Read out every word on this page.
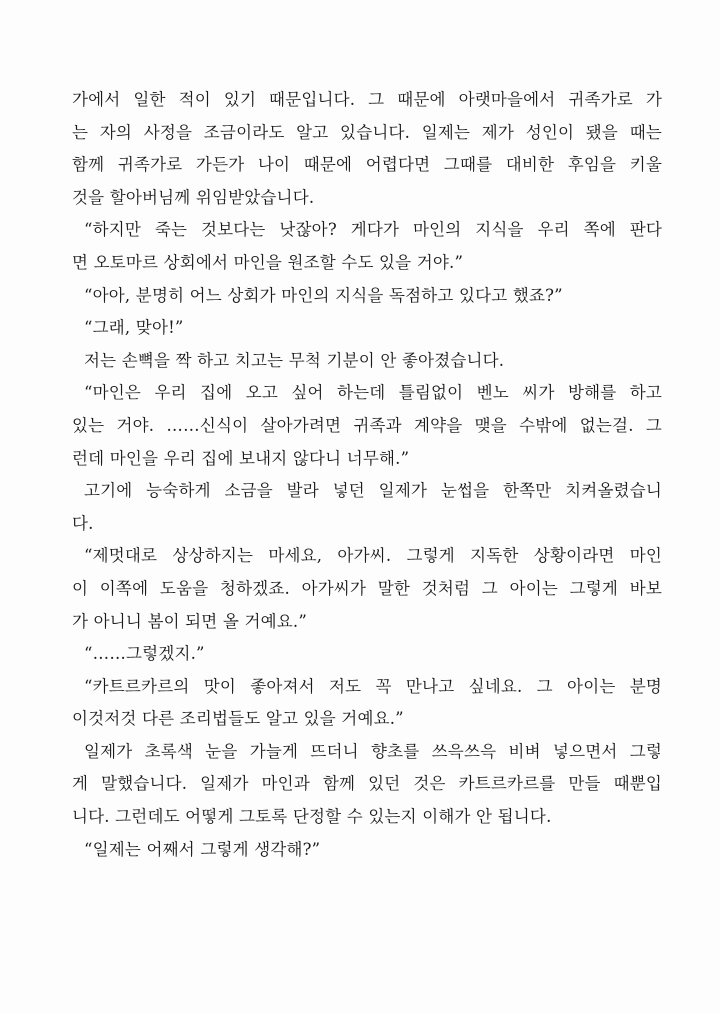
가에서 일한 적이 있기 때문입니다. 그 때문에 아랫마을에서 귀족가로 가
는 자의 사정을 조금이라도 알고 있습니다. 일제는 제가 성인이 됐을 때는
함께 귀족가로 가든가 나이 때문에 어렵다면 그때를 대비한 후임을 키울
것을 할아버님께 위임받았습니다.
“하지만 죽는 것보다는 낫잖아? 게다가 마인의 지식을 우리 쪽에 판다
면 오토마르 상회에서 마인을 원조할 수도 있을 거야.”
“아아, 분명히 어느 상회가 마인의 지식을 독점하고 있다고 했죠?”
“그래, 맞아!”
저는 손뼉을 짝 하고 치고는 무척 기분이 안 좋아졌습니다.
“마인은 우리 집에 오고 싶어 하는데 틀림없이 벤노 씨가 방해를 하고
있는 거야. ……신식이 살아가려면 귀족과 계약을 맺을 수밖에 없는걸. 그
런데 마인을 우리 집에 보내지 않다니 너무해.”
고기에 능숙하게 소금을 발라 넣던 일제가 눈썹을 한쪽만 치켜올렸습니
다.
“제멋대로 상상하지는 마세요, 아가씨. 그렇게 지독한 상황이라면 마인
이 이쪽에 도움을 청하겠죠. 아가씨가 말한 것처럼 그 아이는 그렇게 바보
가 아니니 봄이 되면 올 거예요.”
“……그렇겠지.”
“카트르카르의 맛이 좋아져서 저도 꼭 만나고 싶네요. 그 아이는 분명
이것저것 다른 조리법들도 알고 있을 거예요.”
일제가 초록색 눈을 가늘게 뜨더니 향초를 쓰윽쓰윽 비벼 넣으면서 그렇
게 말했습니다. 일제가 마인과 함께 있던 것은 카트르카르를 만들 때뿐입
니다. 그런데도 어떻게 그토록 단정할 수 있는지 이해가 안 됩니다.
“일제는 어째서 그렇게 생각해?”
